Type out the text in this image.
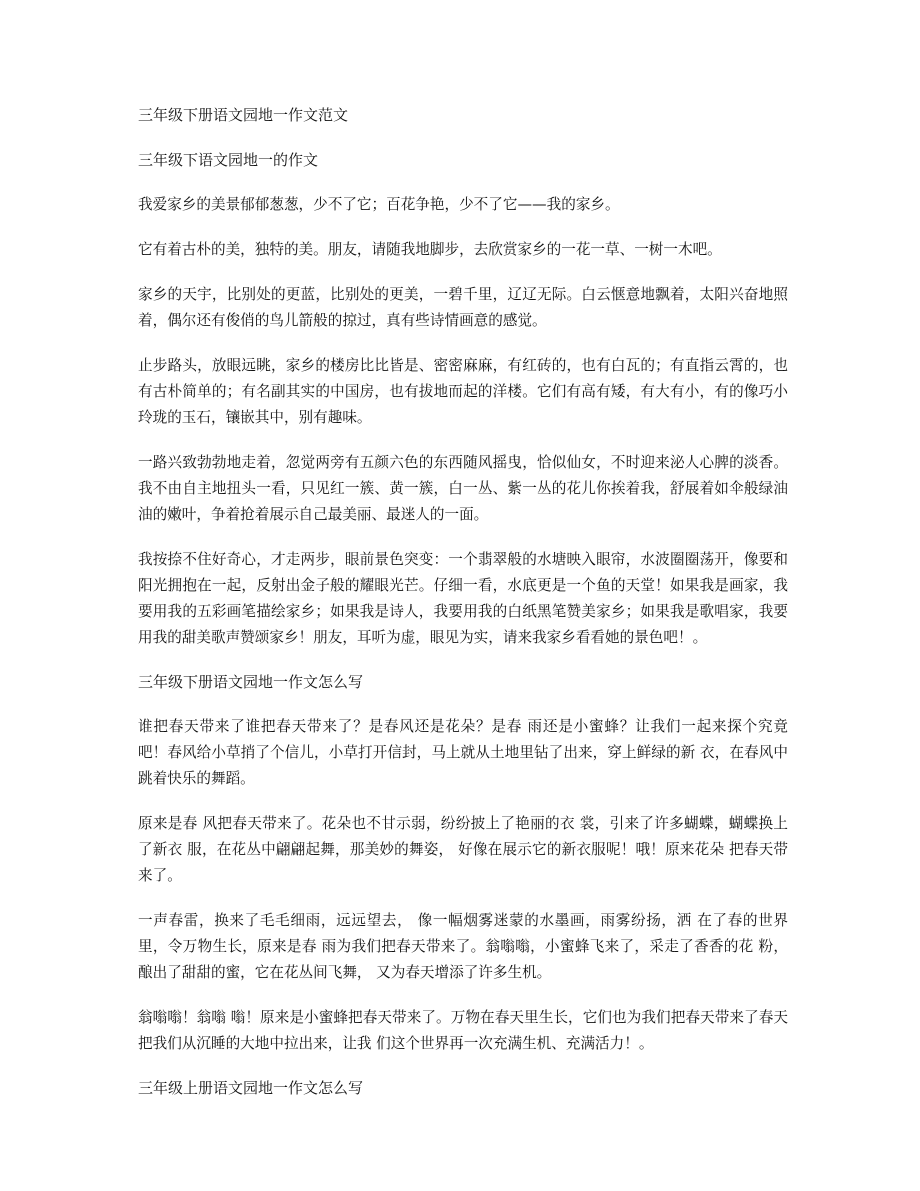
三年级下册语文园地一作文范文
三年级下语文园地一的作文

我爱家乡的美景郁郁葱葱，少不了它；百花争艳，少不了它——我的家乡。

它有着古朴的美，独特的美。朋友，请随我地脚步，去欣赏家乡的一花一草、一树一木吧。

家乡的天宇，比别处的更蓝，比别处的更美，一碧千里，辽辽无际。白云惬意地飘着，太阳兴奋地照着，偶尔还有俊俏的鸟儿箭般的掠过，真有些诗情画意的感觉。

止步路头，放眼远眺，家乡的楼房比比皆是、密密麻麻，有红砖的，也有白瓦的；有直指云霄的，也有古朴简单的；有名副其实的中国房，也有拔地而起的洋楼。它们有高有矮，有大有小，有的像巧小玲珑的玉石，镶嵌其中，别有趣味。

一路兴致勃勃地走着，忽觉两旁有五颜六色的东西随风摇曳，恰似仙女，不时迎来泌人心脾的淡香。我不由自主地扭头一看，只见红一簇、黄一簇，白一丛、紫一丛的花儿你挨着我，舒展着如伞般绿油油的嫩叶，争着抢着展示自己最美丽、最迷人的一面。

我按捺不住好奇心，才走两步，眼前景色突变：一个翡翠般的水塘映入眼帘，水波圈圈荡开，像要和阳光拥抱在一起，反射出金子般的耀眼光芒。仔细一看，水底更是一个鱼的天堂！如果我是画家，我要用我的五彩画笔描绘家乡；如果我是诗人，我要用我的白纸黑笔赞美家乡；如果我是歌唱家，我要用我的甜美歌声赞颂家乡！朋友，耳听为虚，眼见为实，请来我家乡看看她的景色吧！。

三年级下册语文园地一作文怎么写

谁把春天带来了谁把春天带来了？是春风还是花朵？是春 雨还是小蜜蜂？让我们一起来探个究竟 吧！春风给小草捎了个信儿，小草打开信封，马上就从土地里钻了出来，穿上鲜绿的新 衣，在春风中跳着快乐的舞蹈。

原来是春 风把春天带来了。花朵也不甘示弱，纷纷披上了艳丽的衣 裳，引来了许多蝴蝶，蝴蝶换上了新衣 服，在花丛中翩翩起舞，那美妙的舞姿， 好像在展示它的新衣服呢！哦！原来花朵 把春天带来了。

一声春雷，换来了毛毛细雨，远远望去， 像一幅烟雾迷蒙的水墨画，雨雾纷扬，洒 在了春的世界里，令万物生长，原来是春 雨为我们把春天带来了。翁嗡嗡，小蜜蜂飞来了，采走了香香的花 粉，酿出了甜甜的蜜，它在花丛间飞舞， 又为春天增添了许多生机。

翁嗡嗡！翁嗡 嗡！原来是小蜜蜂把春天带来了。万物在春天里生长，它们也为我们把春天带来了春天把我们从沉睡的大地中拉出来，让我 们这个世界再一次充满生机、充满活力！。

三年级上册语文园地一作文怎么写
